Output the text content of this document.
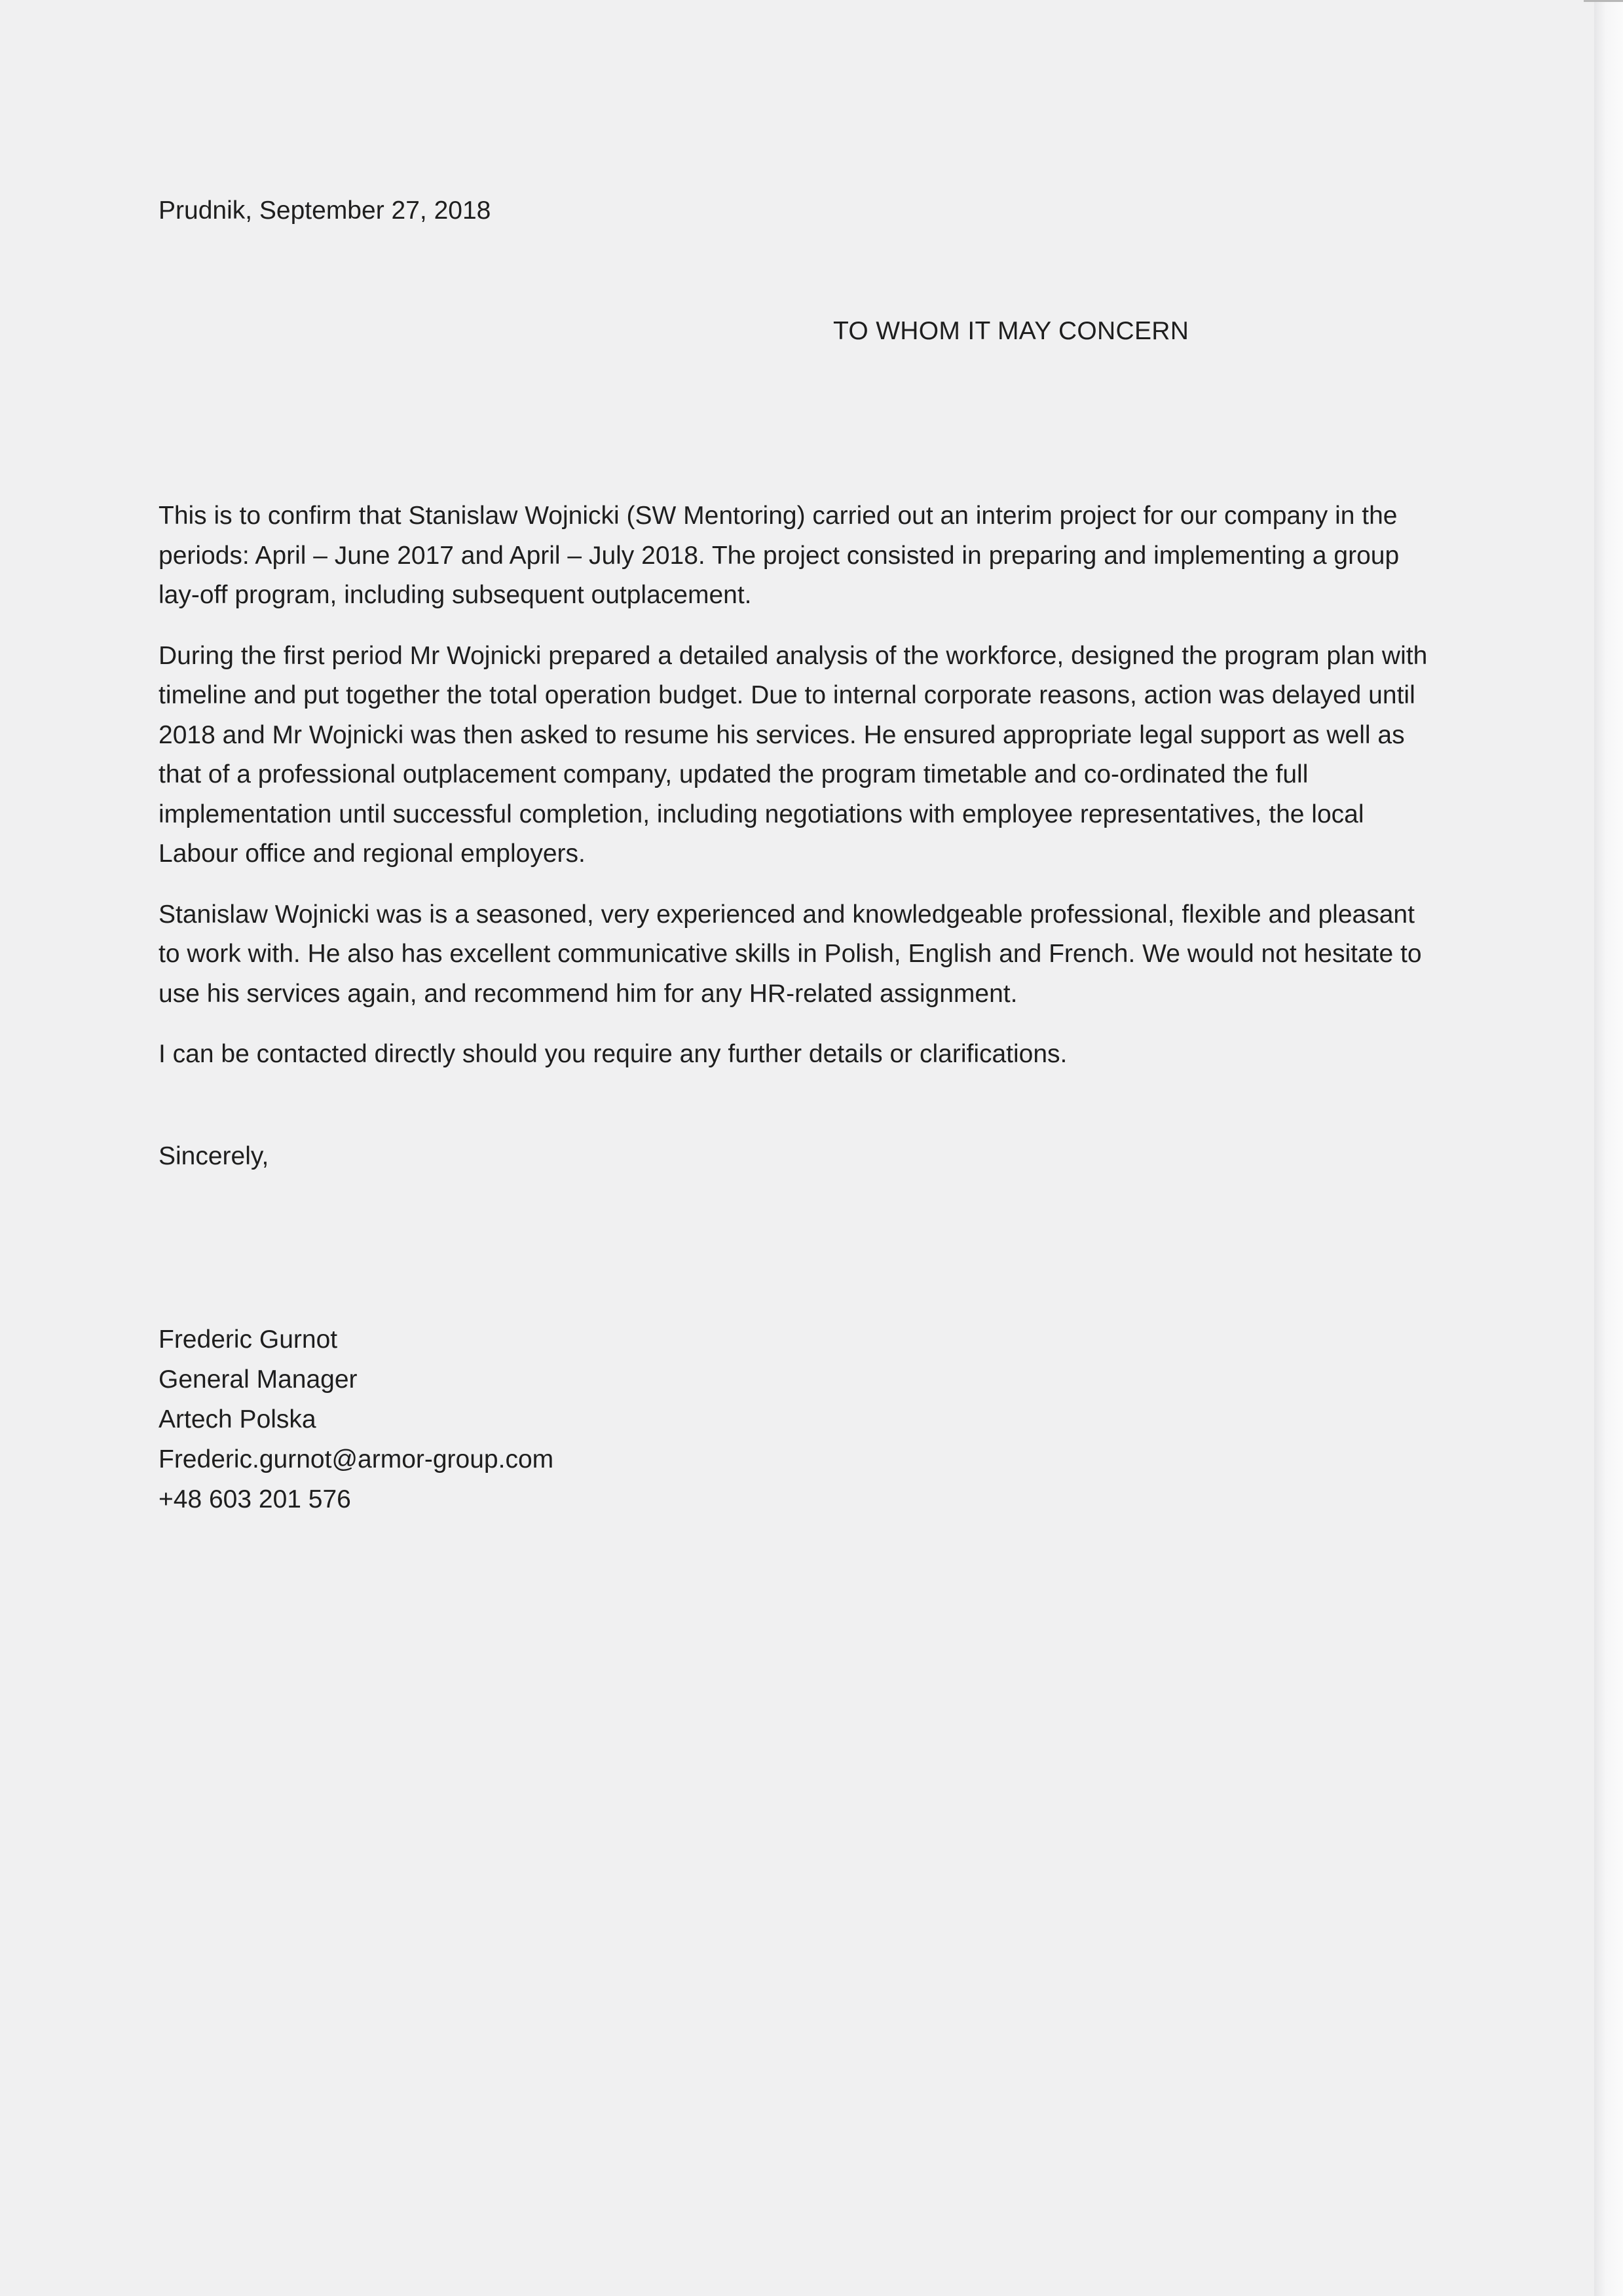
Prudnik, September 27, 2018
TO WHOM IT MAY CONCERN

This is to confirm that Stanislaw Wojnicki (SW Mentoring) carried out an interim project for our company in the periods: April – June 2017 and April – July 2018. The project consisted in preparing and implementing a group lay-off program, including subsequent outplacement.

During the first period Mr Wojnicki prepared a detailed analysis of the workforce, designed the program plan with timeline and put together the total operation budget. Due to internal corporate reasons, action was delayed until 2018 and Mr Wojnicki was then asked to resume his services. He ensured appropriate legal support as well as that of a professional outplacement company, updated the program timetable and co-ordinated the full implementation until successful completion, including negotiations with employee representatives, the local Labour office and regional employers.

Stanislaw Wojnicki was is a seasoned, very experienced and knowledgeable professional, flexible and pleasant to work with. He also has excellent communicative skills in Polish, English and French. We would not hesitate to use his services again, and recommend him for any HR-related assignment.

I can be contacted directly should you require any further details or clarifications.

Sincerely,
Frederic Gurnot
General Manager
Artech Polska
Frederic.gurnot@armor-group.com
+48 603 201 576
